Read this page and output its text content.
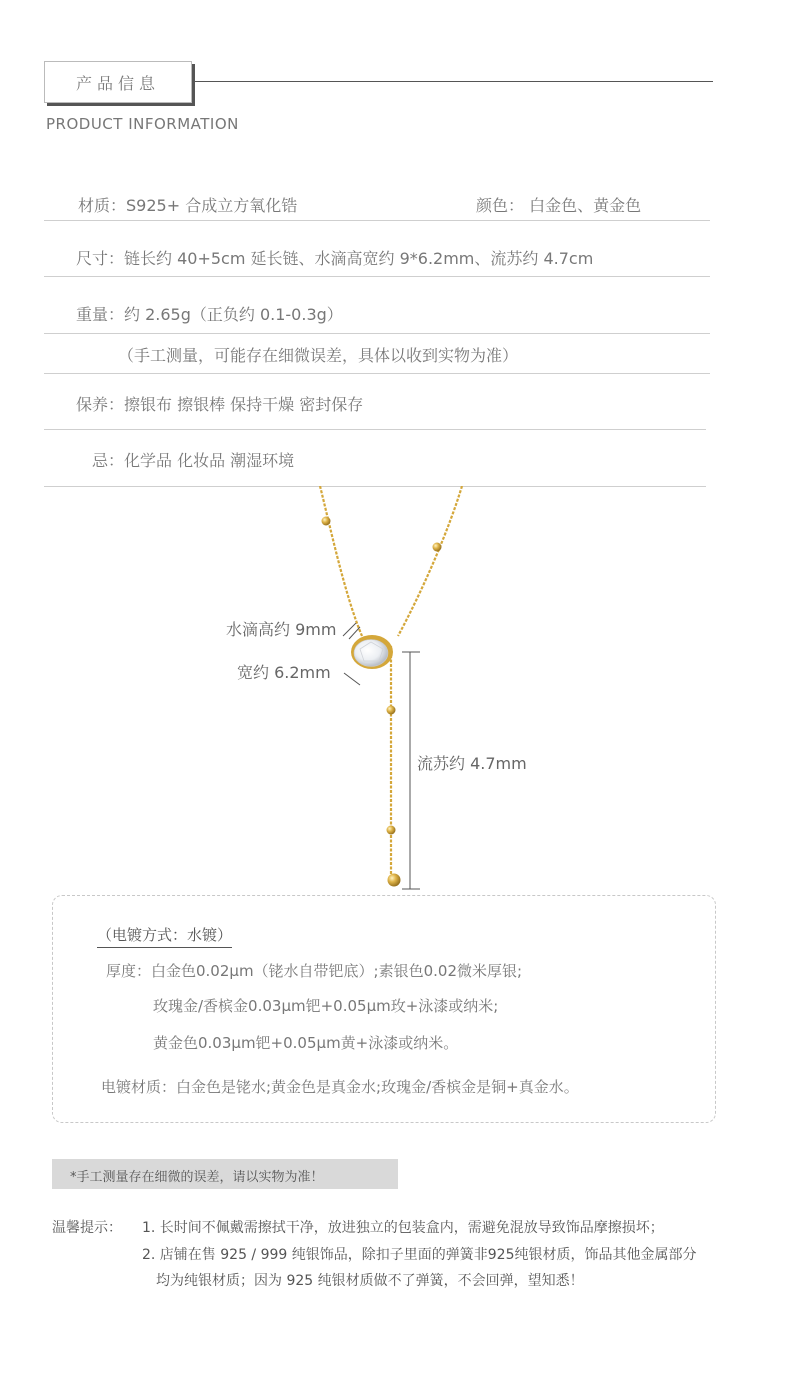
产品信息
PRODUCT INFORMATION
材质：S925+ 合成立方氧化锆	颜色： 白金色、黄金色
尺寸：链长约 40+5cm 延长链、水滴高宽约 9*6.2mm、流苏约 4.7cm
重量：约 2.65g（正负约 0.1-0.3g）
（手工测量，可能存在细微误差，具体以收到实物为准）
保养：擦银布 擦银棒 保持干燥 密封保存
忌：化学品 化妆品 潮湿环境
水滴高约 9mm
宽约 6.2mm
流苏约 4.7mm
（电镀方式：水镀）
厚度：白金色0.02μm（铑水自带钯底）;素银色0.02微米厚银;
玫瑰金/香槟金0.03μm钯+0.05μm玫+泳漆或纳米;
黄金色0.03μm钯+0.05μm黄+泳漆或纳米。
电镀材质：白金色是铑水;黄金色是真金水;玫瑰金/香槟金是铜+真金水。
*手工测量存在细微的误差，请以实物为准！
温馨提示： 1. 长时间不佩戴需擦拭干净，放进独立的包装盒内，需避免混放导致饰品摩擦损坏；
2. 店铺在售 925 / 999 纯银饰品，除扣子里面的弹簧非925纯银材质，饰品其他金属部分
均为纯银材质；因为 925 纯银材质做不了弹簧，不会回弹，望知悉！
